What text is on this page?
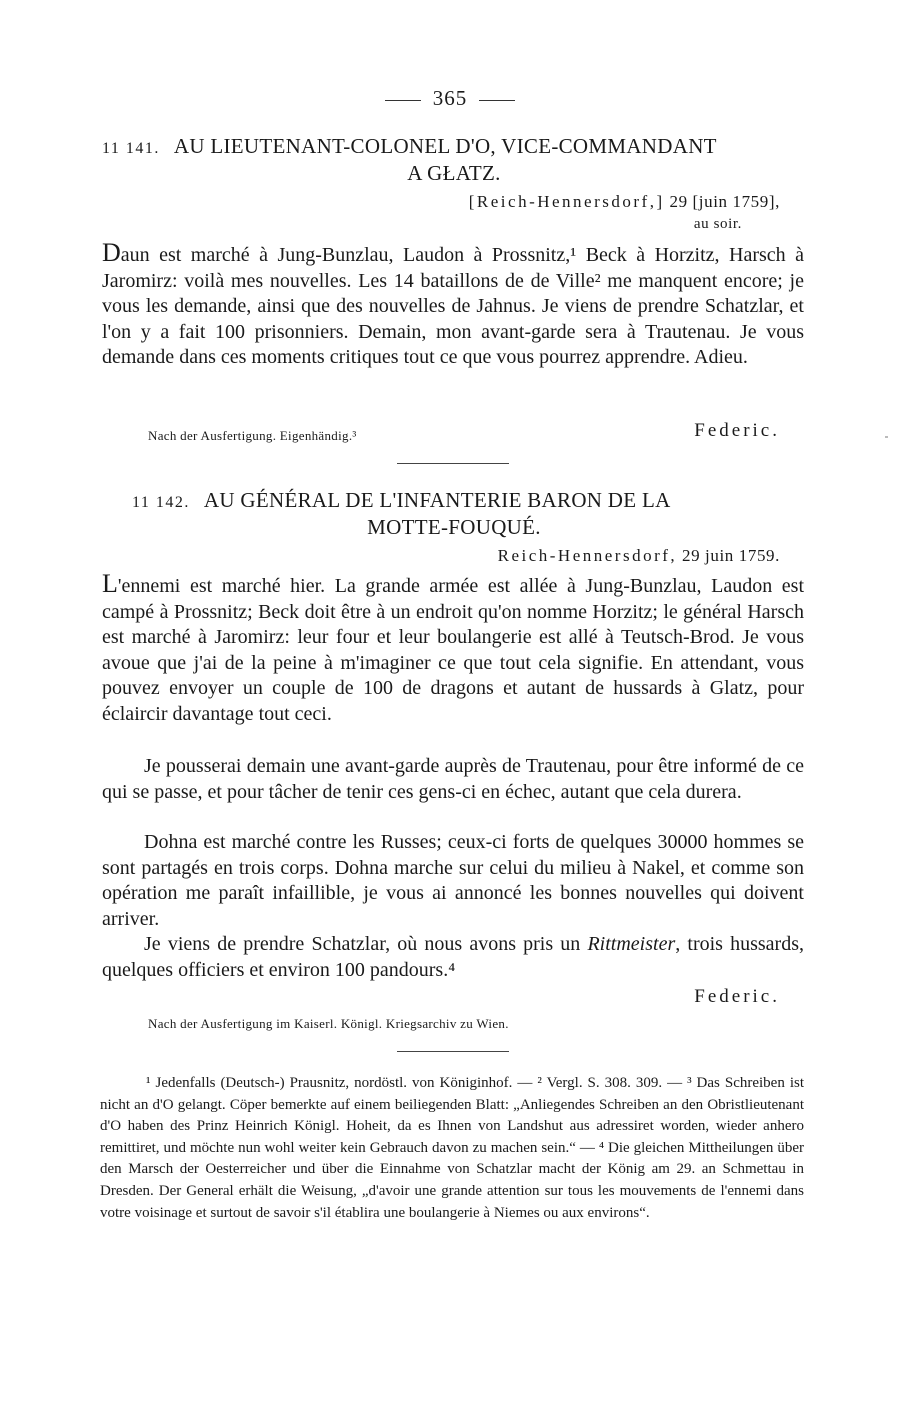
365
11 141. AU LIEUTENANT-COLONEL D'O, VICE-COMMANDANT
A GŁATZ.
[Reich-Hennersdorf,] 29 [juin 1759],
au soir.
Daun est marché à Jung-Bunzlau, Laudon à Prossnitz,¹ Beck à Horzitz, Harsch à Jaromirz: voilà mes nouvelles. Les 14 bataillons de de Ville² me manquent encore; je vous les demande, ainsi que des nouvelles de Jahnus. Je viens de prendre Schatzlar, et l'on y a fait 100 prisonniers. Demain, mon avant-garde sera à Trautenau. Je vous demande dans ces moments critiques tout ce que vous pourrez apprendre. Adieu.
Nach der Ausfertigung. Eigenhändig.³	Federic.
11 142. AU GÉNÉRAL DE L'INFANTERIE BARON DE LA
MOTTE-FOUQUÉ.
Reich-Hennersdorf, 29 juin 1759.
L'ennemi est marché hier. La grande armée est allée à Jung-Bunzlau, Laudon est campé à Prossnitz; Beck doit être à un endroit qu'on nomme Horzitz; le général Harsch est marché à Jaromirz: leur four et leur boulangerie est allé à Teutsch-Brod. Je vous avoue que j'ai de la peine à m'imaginer ce que tout cela signifie. En attendant, vous pouvez envoyer un couple de 100 de dragons et autant de hussards à Glatz, pour éclaircir davantage tout ceci.
Je pousserai demain une avant-garde auprès de Trautenau, pour être informé de ce qui se passe, et pour tâcher de tenir ces gens-ci en échec, autant que cela durera.
Dohna est marché contre les Russes; ceux-ci forts de quelques 30000 hommes se sont partagés en trois corps. Dohna marche sur celui du milieu à Nakel, et comme son opération me paraît infaillible, je vous ai annoncé les bonnes nouvelles qui doivent arriver.
Je viens de prendre Schatzlar, où nous avons pris un Rittmeister, trois hussards, quelques officiers et environ 100 pandours.⁴
Federic.
Nach der Ausfertigung im Kaiserl. Königl. Kriegsarchiv zu Wien.
¹ Jedenfalls (Deutsch-) Prausnitz, nordöstl. von Königinhof. — ² Vergl. S. 308. 309. — ³ Das Schreiben ist nicht an d'O gelangt. Cöper bemerkte auf einem beiliegenden Blatt: „Anliegendes Schreiben an den Obristlieutenant d'O haben des Prinz Heinrich Königl. Hoheit, da es Ihnen von Landshut aus adressiret worden, wieder anhero remittiret, und möchte nun wohl weiter kein Gebrauch davon zu machen sein.“ — ⁴ Die gleichen Mittheilungen über den Marsch der Oesterreicher und über die Einnahme von Schatzlar macht der König am 29. an Schmettau in Dresden. Der General erhält die Weisung, „d'avoir une grande attention sur tous les mouvements de l'ennemi dans votre voisinage et surtout de savoir s'il établira une boulangerie à Niemes ou aux environs“.
